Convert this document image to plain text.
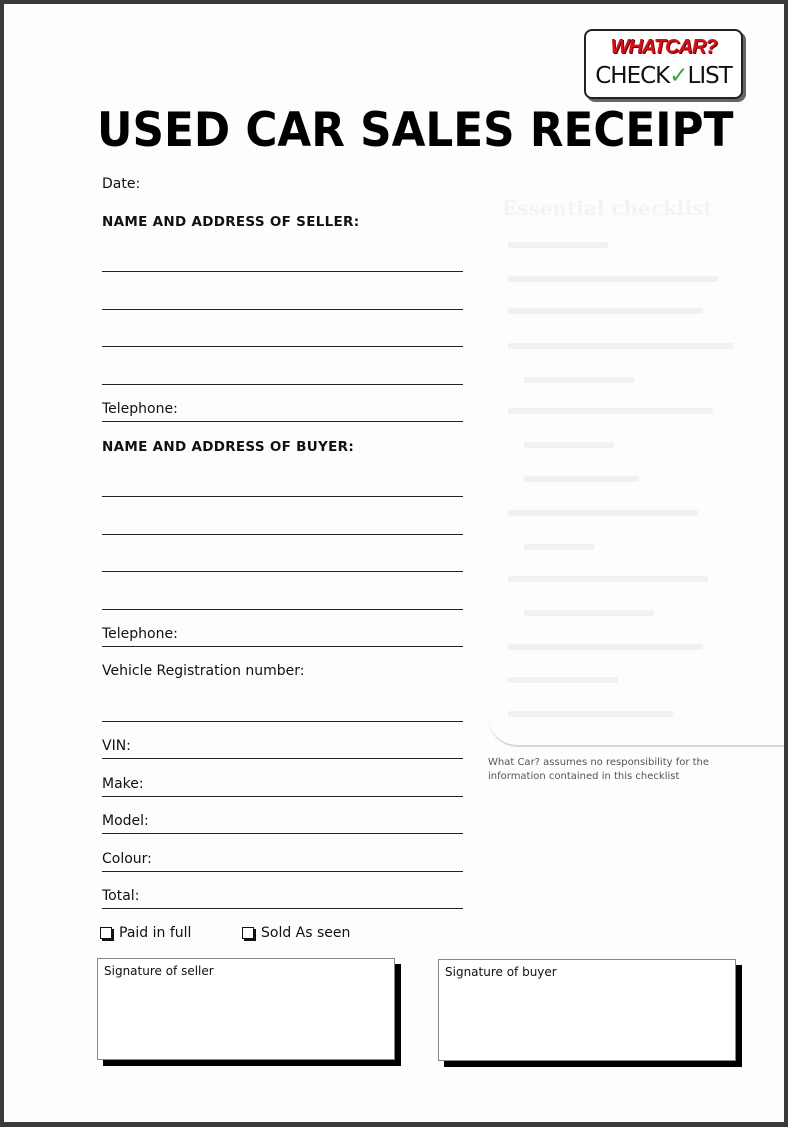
WHATCAR?
CHECK✓LIST
USED CAR SALES RECEIPT
Date:
NAME AND ADDRESS OF SELLER:
Telephone:
NAME AND ADDRESS OF BUYER:
Telephone:
Vehicle Registration number:
VIN:
Make:
Model:
Colour:
Total:
Paid in full	Sold As seen
Signature of seller	Signature of buyer
Essential checklist
What Car? assumes no responsibility for the information contained in this checklist
